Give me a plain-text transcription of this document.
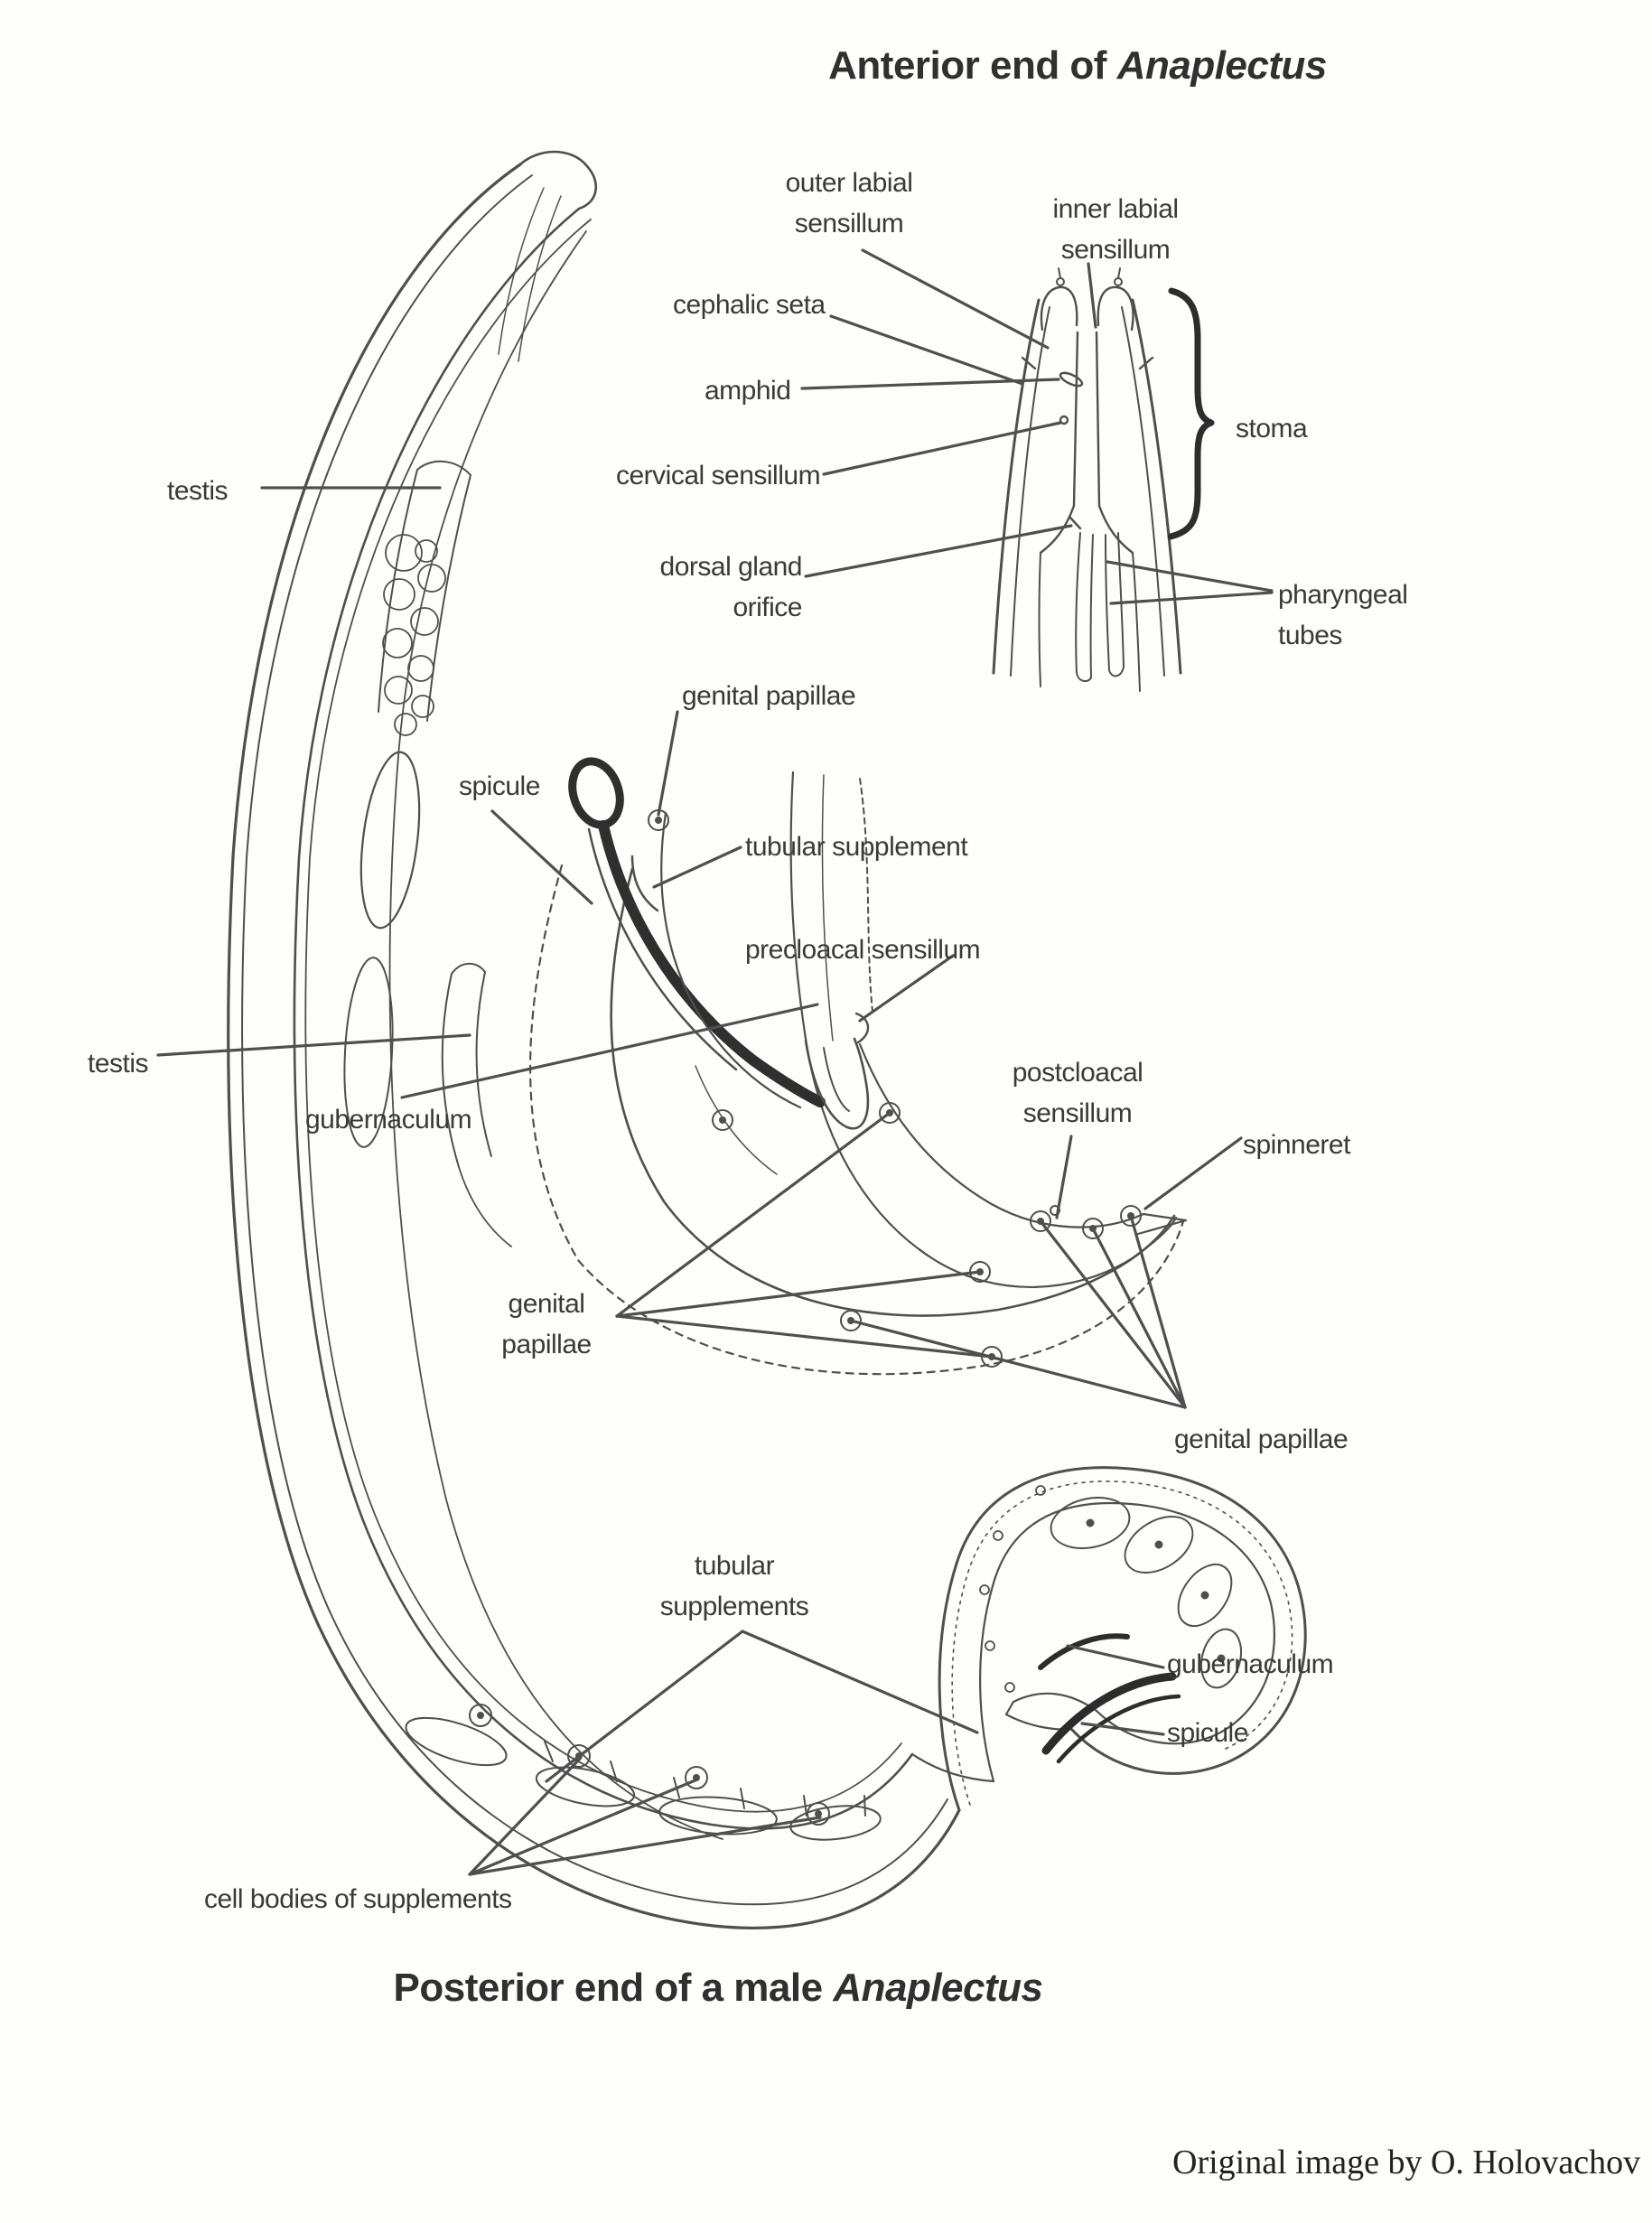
Anterior end of Anaplectus
outer labial
sensillum	inner labial
sensillum
cephalic seta
amphid
cervical sensillum
dorsal gland
orifice
stoma
pharyngeal
tubes
testis
genital papillae
spicule
tubular supplement
precloacal sensillum
testis
gubernaculum
postcloacal
sensillum
spinneret
genital
papillae
genital papillae
tubular
supplements
gubernaculum
spicule
cell bodies of supplements
Posterior end of a male Anaplectus
Original image by O. Holovachov
